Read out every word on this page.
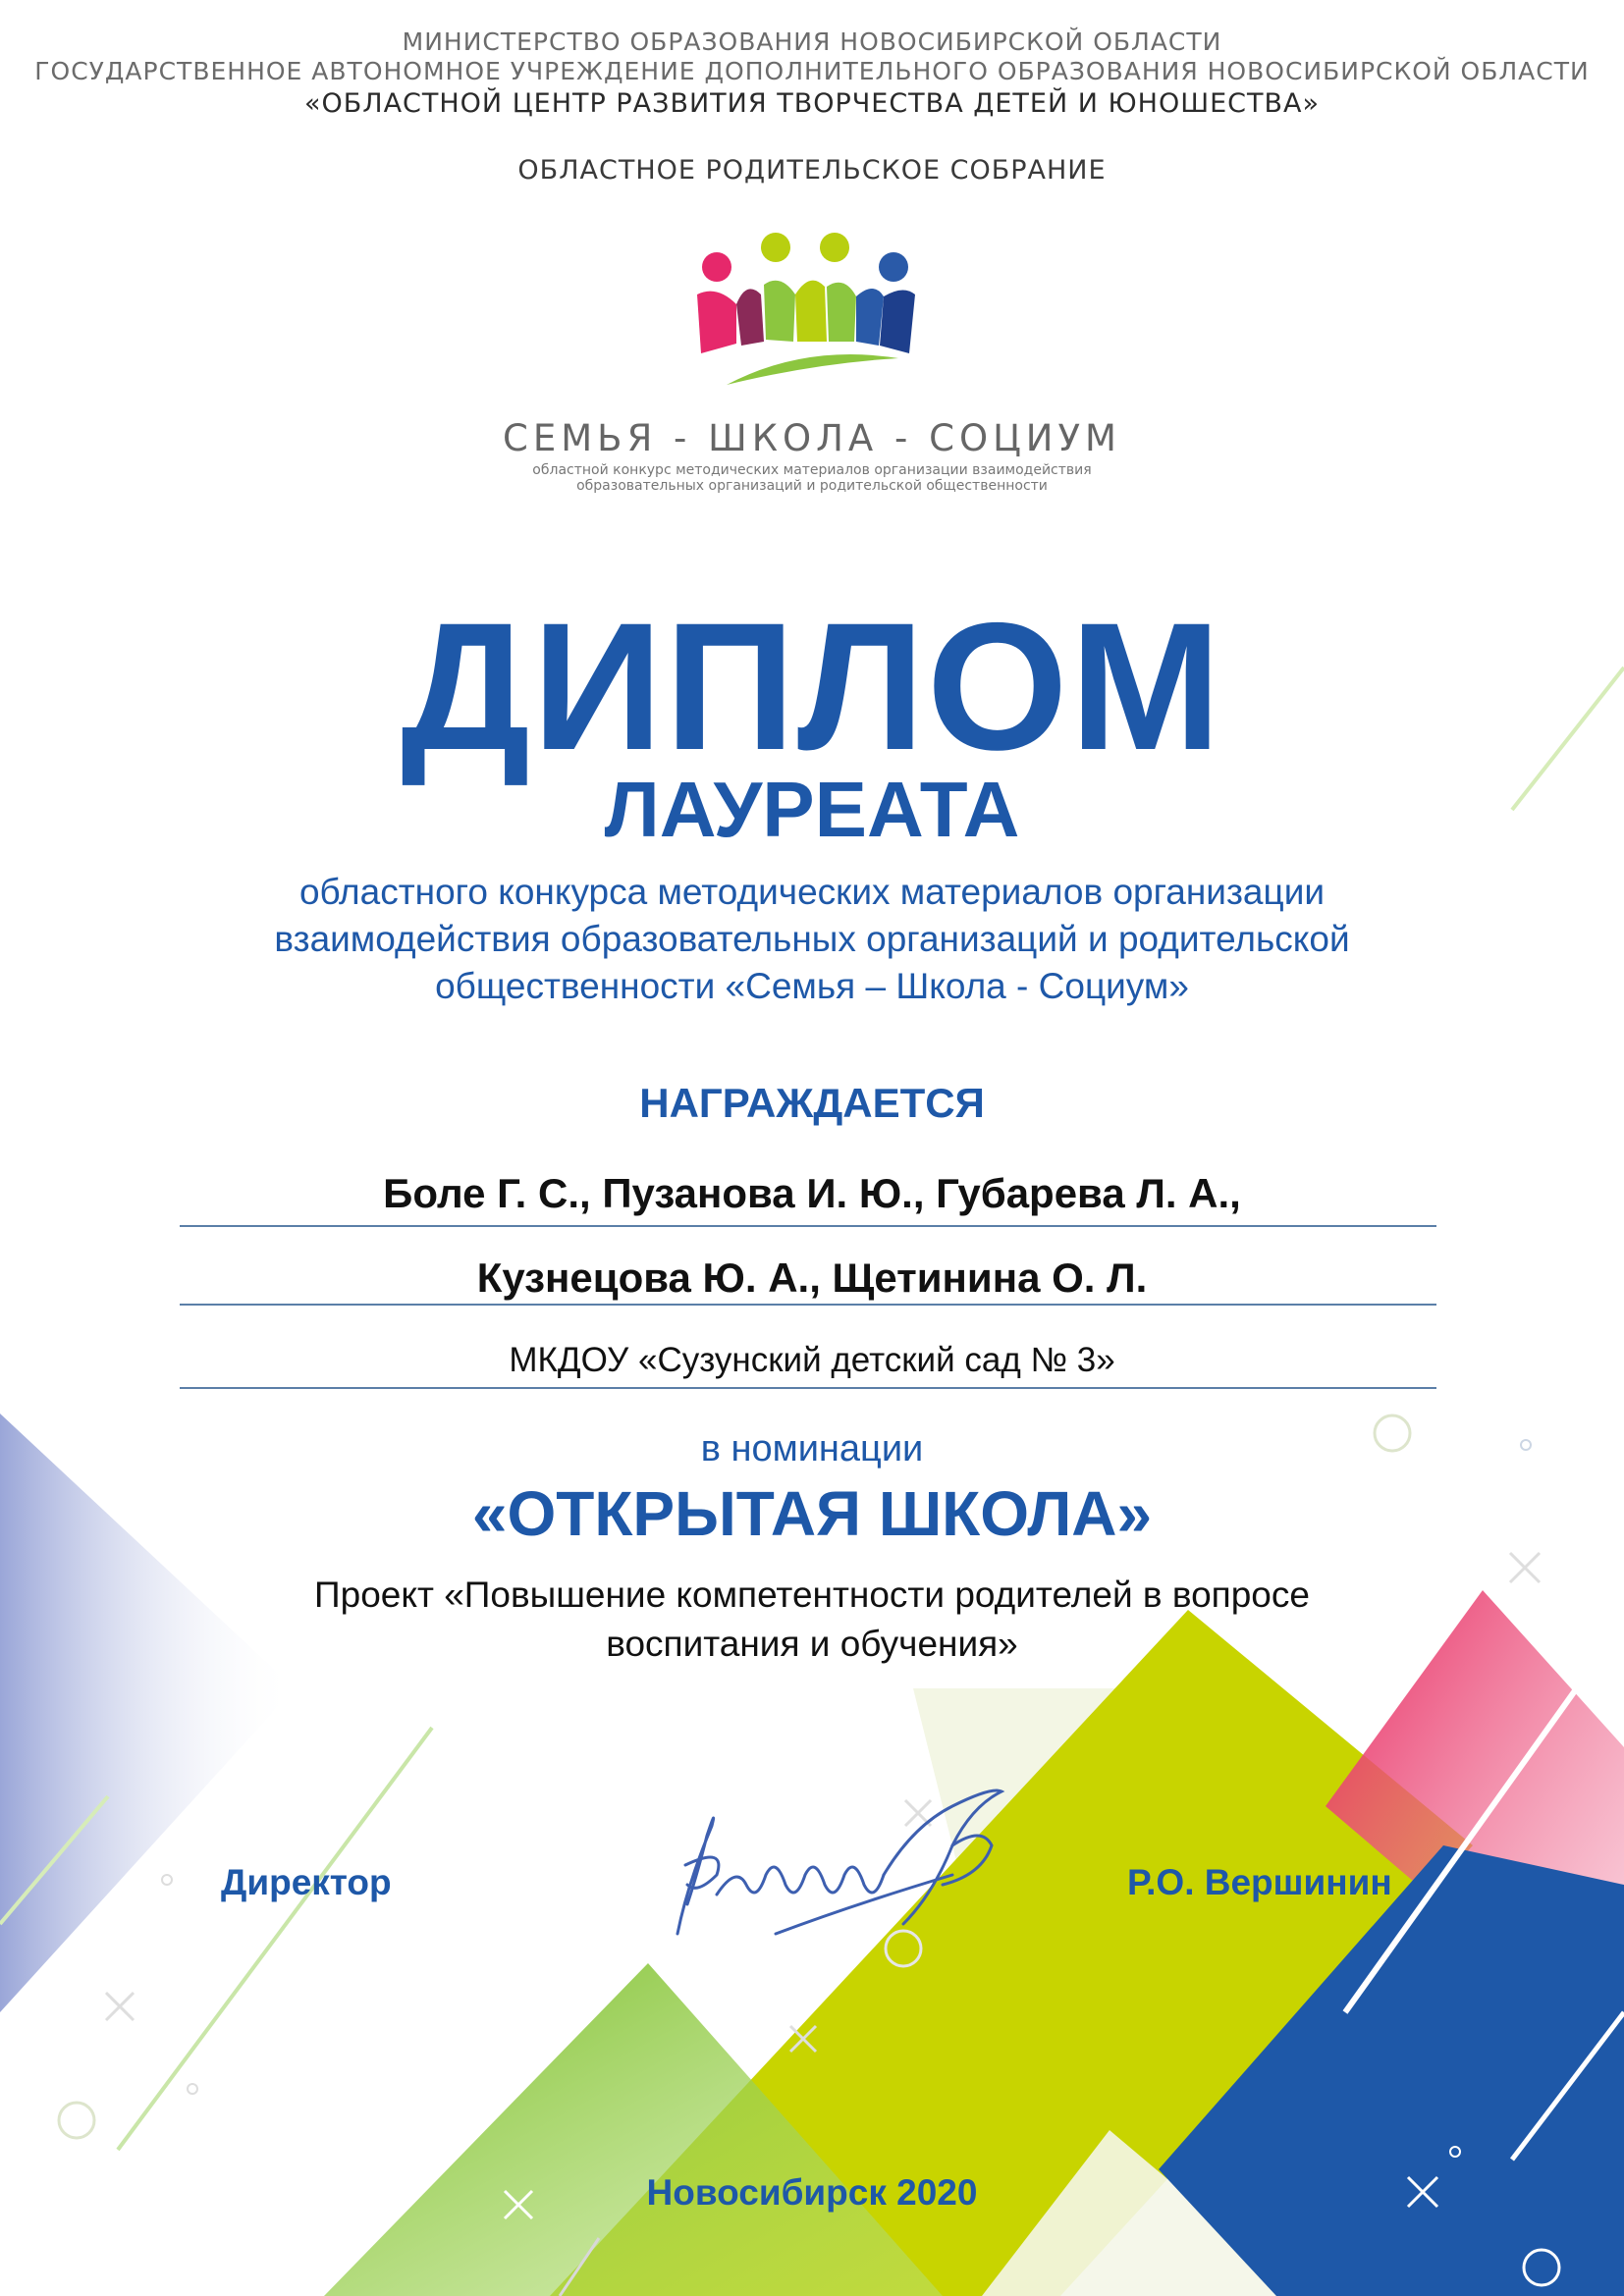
МИНИСТЕРСТВО ОБРАЗОВАНИЯ НОВОСИБИРСКОЙ ОБЛАСТИ
ГОСУДАРСТВЕННОЕ АВТОНОМНОЕ УЧРЕЖДЕНИЕ ДОПОЛНИТЕЛЬНОГО ОБРАЗОВАНИЯ НОВОСИБИРСКОЙ ОБЛАСТИ
«ОБЛАСТНОЙ ЦЕНТР РАЗВИТИЯ ТВОРЧЕСТВА ДЕТЕЙ И ЮНОШЕСТВА»
ОБЛАСТНОЕ РОДИТЕЛЬСКОЕ СОБРАНИЕ
СЕМЬЯ - ШКОЛА - СОЦИУМ
областной конкурс методических материалов организации взаимодействия
образовательных организаций и родительской общественности
ДИПЛОМ
ЛАУРЕАТА
областного конкурса методических материалов организации
взаимодействия образовательных организаций и родительской
общественности «Семья – Школа - Социум»
НАГРАЖДАЕТСЯ
Боле Г. С., Пузанова И. Ю., Губарева Л. А.,
Кузнецова Ю. А., Щетинина О. Л.
МКДОУ «Сузунский детский сад № 3»
в номинации
«ОТКРЫТАЯ ШКОЛА»
Проект «Повышение компетентности родителей в вопросе
воспитания и обучения»
Директор	Р.О. Вершинин
Новосибирск 2020
